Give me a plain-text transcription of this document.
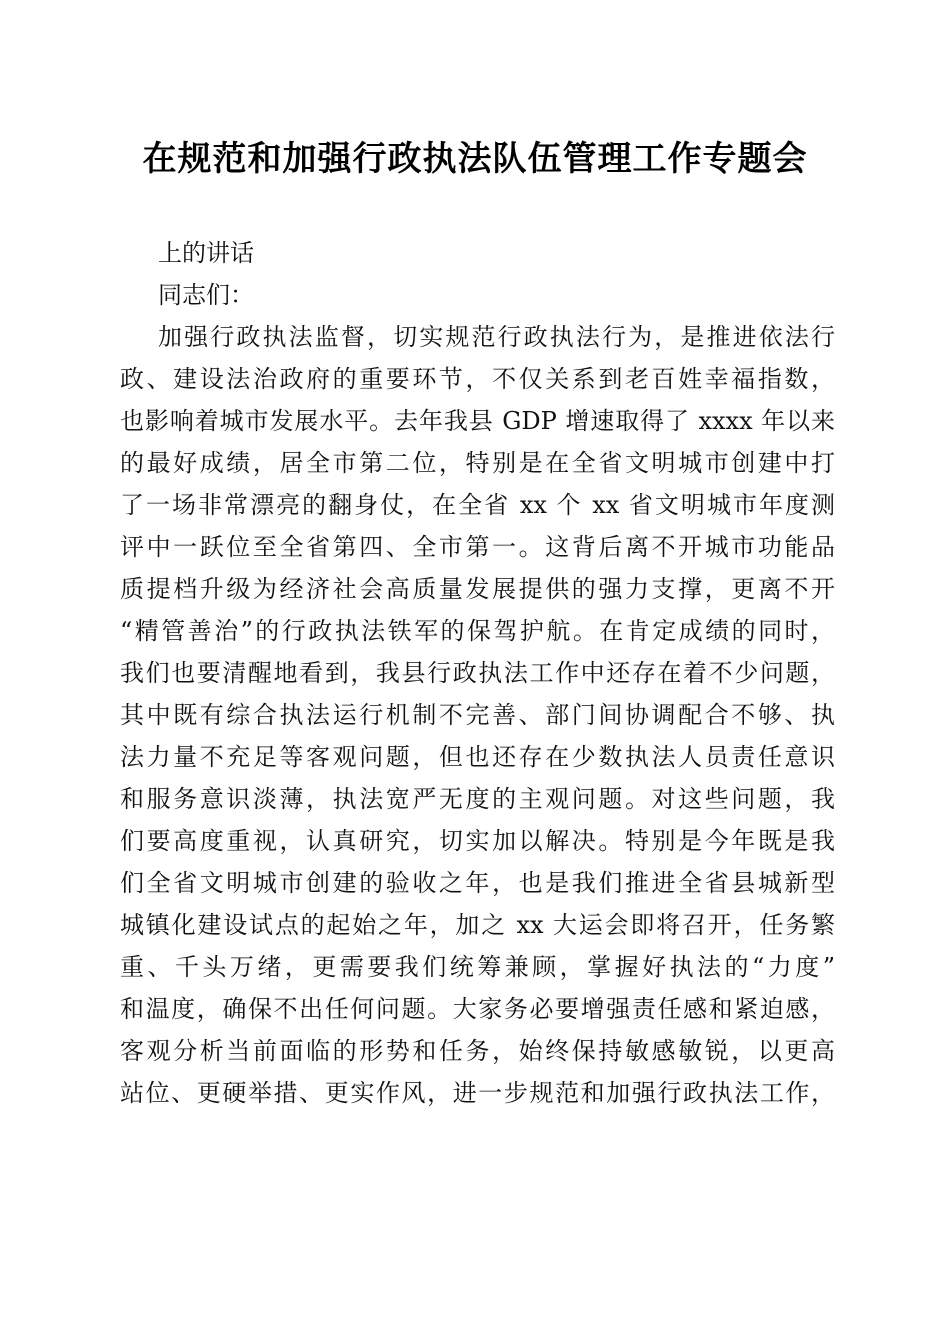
在规范和加强行政执法队伍管理工作专题会
上的讲话
同志们：
加强行政执法监督，切实规范行政执法行为，是推进依法行
政、建设法治政府的重要环节，不仅关系到老百姓幸福指数，
也影响着城市发展水平。去年我县 GDP 增速取得了 xxxx 年以来
的最好成绩，居全市第二位，特别是在全省文明城市创建中打
了一场非常漂亮的翻身仗，在全省 xx 个 xx 省文明城市年度测
评中一跃位至全省第四、全市第一。这背后离不开城市功能品
质提档升级为经济社会高质量发展提供的强力支撑，更离不开
“精管善治”的行政执法铁军的保驾护航。在肯定成绩的同时，
我们也要清醒地看到，我县行政执法工作中还存在着不少问题，
其中既有综合执法运行机制不完善、部门间协调配合不够、执
法力量不充足等客观问题，但也还存在少数执法人员责任意识
和服务意识淡薄，执法宽严无度的主观问题。对这些问题，我
们要高度重视，认真研究，切实加以解决。特别是今年既是我
们全省文明城市创建的验收之年，也是我们推进全省县城新型
城镇化建设试点的起始之年，加之 xx 大运会即将召开，任务繁
重、千头万绪，更需要我们统筹兼顾，掌握好执法的“力度”
和温度，确保不出任何问题。大家务必要增强责任感和紧迫感，
客观分析当前面临的形势和任务，始终保持敏感敏锐，以更高
站位、更硬举措、更实作风，进一步规范和加强行政执法工作，
